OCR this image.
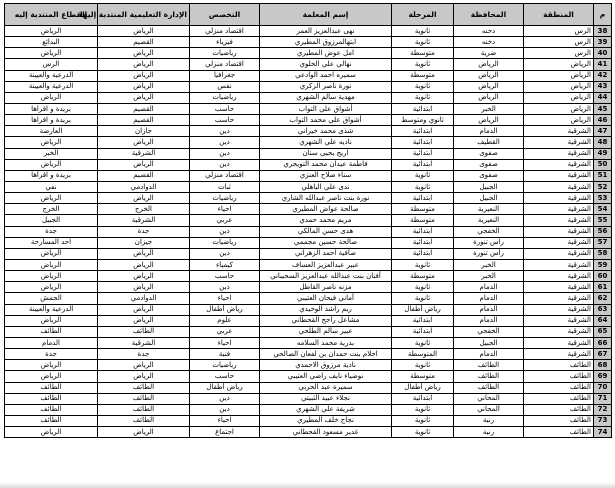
م	المنطقة	المحافظة	المرحلة	إسم المعلمة	التخصص	الإدارة التعليمية المنتدبة إليها	القطاع المنتدبة إليه
38	الرس	دخنه	ثانوية	نهى عبدالعزيز العمر	اقتصاد منزلي	الرياض	الرياض
39	الرس	دخنه	ثانوية	ابتهالمرزوق المطيري	فيزياء	القصيم	البدائع
40	الرس	ضرية	متوسطة	امل عوض المطيري	رياضيات	الرياض	الرياض
41	الرياض	الرياض	ثانوية	نهالي علي الخلوي	اقتصاد منزلي	الرياض	الرس
42	الرياض	الرياض	متوسطة	سميره احمد الوادعي	جغرافيا	الرياض	الدرعية والعيينة
43	الرياض	الرياض	ثانوية	نورة ناصر الزكري	نفس	الرياض	الدرعية والعيينة
44	الرياض	الرياض	ثانوية	مهدية سالم الشهري	رياضيات	الرياض	الرياض
45	الرياض	الخبر	ابتدائية	أشواق علي التواب	حاسب	القصيم	بريدة و اقراها
46	الرياض	الرياض	ثانوي ومتوسط	أشواق علي محمد التواب	حاسب	القصيم	بريدة و اقراها
47	الشرقية	الدمام	ابتدائية	شذى محمد خيراني	دين	جازان	العارضة
48	الشرقية	القطيف	ابتدائية	ناديه علي الشهري	دين	الرياض	الرياض
49	الشرقية	صفوى	ابتدائية	اريج يحيى سنان	دين	الشرقية	الخبر
50	الشرقية	صفوى	ابتدائية	فاطمة عيدان محمد التويجري	دين	الرياض	الرياض
51	الشرقية	صفوى	ثانوية	سناء صلاح العنزي	اقتصاد منزلي	القصيم	بريدة و اقراها
52	الشرقية	الجبيل	ثانوية	ندى علي الباهلي	ثبات	الدوادمي	نفي
53	الشرقية	الجبيل	ابتدائية	نورة بنت ناصر عبدالله الشاري	رياضيات	الرياض	الرياض
54	الشرقية	النعيرية	متوسطة	صالحة عواض المطيري	احياء	الخرج	الخرج
55	الشرقية	النعيرية	متوسطة	مريم محمد حمدي	عربي	الشرقية	الجبيل
56	الشرقية	الخفجي	ابتدائية	هدى حسن المالكي	دين	جدة	جدة
57	الشرقية	راس تنورة	ابتدائية	صالحة حسين مجممي	رياضيات	جيزان	احد المسارحة
58	الشرقية	راس تنورة	ابتدائية	صافية احمد الزهراني	دين	الرياض	الرياض
59	الشرقية	الخبر	ثانوية	عبير عبدالعزيز العساف	كيمياء	الرياض	الرياض
60	الشرقية	الخبر	متوسطة	أفنان بنت عبدالله عبدالعزيز السحيباني	حاسب	الرياض	الرياض
61	الشرقية	الدمام	ثانوية	مزنه ناصر القاطل	دين	الرياض	الرياض
62	الشرقية	الدمام	ثانوية	أماني فيحان العتيبي	احياء	الدوادمي	الجمش
63	الشرقية	الدمام	رياض أطفال	ريم راشد الوحيدي	رياض أطفال	الرياض	الدرعية والعيينة
64	الشرقية	الدمام	ابتدائية	مشاعل راجح القحطاني	علوم	الرياض	الرياض
65	الشرقية	الخفجي	ابتدائية	عبير سالم الطلحي	عربي	الطائف	الطائف
66	الشرقية	الجبيل	ثانوية	بدرية محمد السلامه	احياء	الشرقية	الدمام
67	الشرقية	الدمام	المتوسطة	احلام بنت حمدان بن لفعان الصالحي	فنية	جدة	جدة
68	الطائف	الطائف	ثانوية	نادية مرزوق الاحمدي	رياضيات	الرياض	الرياض
69	الطائف	الطائف	متوسطة	نوضياء نايف راضي العتيبي	حاسب	الرياض	الرياض
70	الطائف	الطائف	رياض أطفال	سميرة عبد الحربي	رياض أطفال	الطائف	الطائف
71	الطائف	المحاني	ابتدائية	نجلاء عبيد الثبيتي	دين	الطائف	الطائف
72	الطائف	المحاني	ثانوية	شريفة علي الشهري	دين	الطائف	الطائف
73	الطائف	رنية	ثانوية	نجاح خلف المطيري	احياء	الطائف	الطائف
74	الطائف	رنية	ثانوية	غدير مسعود القحطاني	اجتماع	الرياض	الرياض
